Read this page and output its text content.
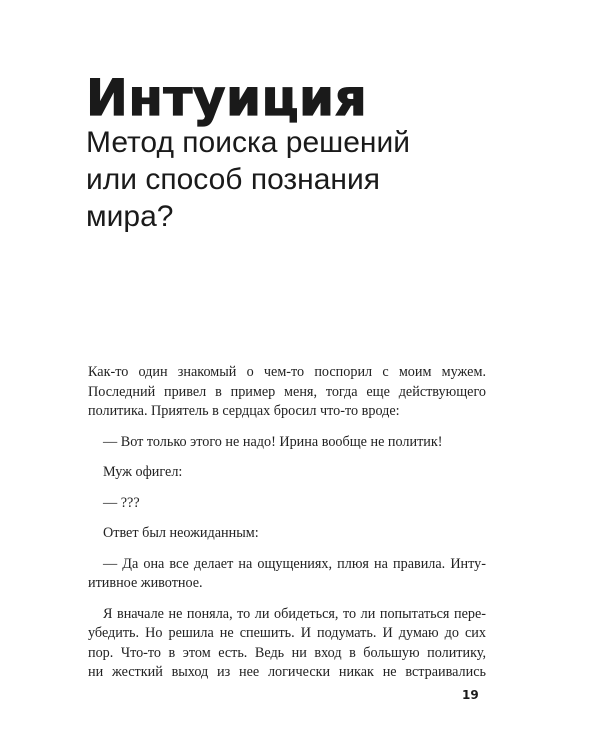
Интуиция
Метод поиска решений
или способ познания
мира?
Как-то один знакомый о чем-то поспорил с моим мужем.
Последний привел в пример меня, тогда еще действующего
политика. Приятель в сердцах бросил что-то вроде:
— Вот только этого не надо! Ирина вообще не политик!
Муж офигел:
— ???
Ответ был неожиданным:
— Да она все делает на ощущениях, плюя на правила. Инту-
итивное животное.
Я вначале не поняла, то ли обидеться, то ли попытаться пере-
убедить. Но решила не спешить. И подумать. И думаю до сих
пор. Что-то в этом есть. Ведь ни вход в большую политику,
ни жесткий выход из нее логически никак не встраивались
19
